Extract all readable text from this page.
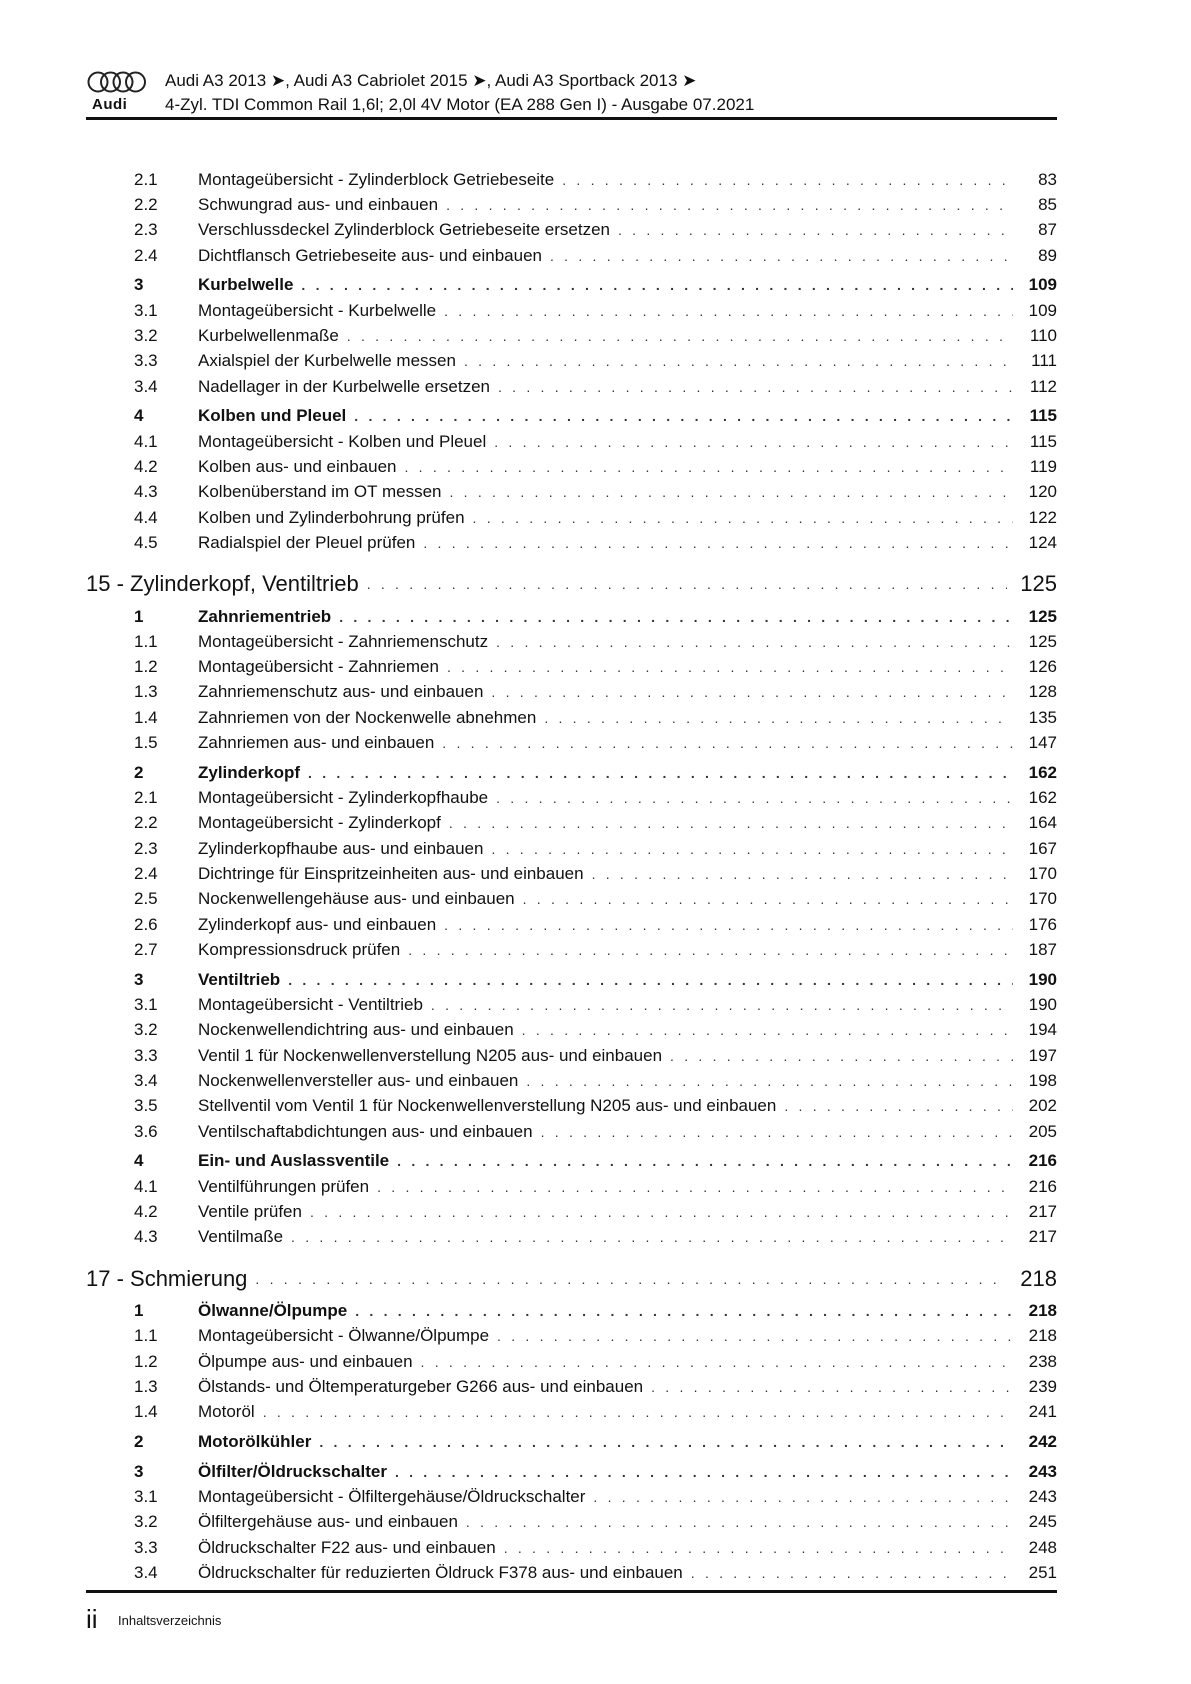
Audi
Audi A3 2013 ➤, Audi A3 Cabriolet 2015 ➤, Audi A3 Sportback 2013 ➤
4-Zyl. TDI Common Rail 1,6l; 2,0l 4V Motor (EA 288 Gen I) - Ausgabe 07.2021
2.1	Montageübersicht - Zylinderblock Getriebeseite . . .	83
2.2	Schwungrad aus- und einbauen . . .	85
2.3	Verschlussdeckel Zylinderblock Getriebeseite ersetzen . . .	87
2.4	Dichtflansch Getriebeseite aus- und einbauen . . .	89
3	Kurbelwelle . . .	109
3.1	Montageübersicht - Kurbelwelle . . .	109
3.2	Kurbelwellenmaße . . .	110
3.3	Axialspiel der Kurbelwelle messen . . .	111
3.4	Nadellager in der Kurbelwelle ersetzen . . .	112
4	Kolben und Pleuel . . .	115
4.1	Montageübersicht - Kolben und Pleuel . . .	115
4.2	Kolben aus- und einbauen . . .	119
4.3	Kolbenüberstand im OT messen . . .	120
4.4	Kolben und Zylinderbohrung prüfen . . .	122
4.5	Radialspiel der Pleuel prüfen . . .	124
15 - Zylinderkopf, Ventiltrieb . . .	125
1	Zahnriementrieb . . .	125
1.1	Montageübersicht - Zahnriemenschutz . . .	125
1.2	Montageübersicht - Zahnriemen . . .	126
1.3	Zahnriemenschutz aus- und einbauen . . .	128
1.4	Zahnriemen von der Nockenwelle abnehmen . . .	135
1.5	Zahnriemen aus- und einbauen . . .	147
2	Zylinderkopf . . .	162
2.1	Montageübersicht - Zylinderkopfhaube . . .	162
2.2	Montageübersicht - Zylinderkopf . . .	164
2.3	Zylinderkopfhaube aus- und einbauen . . .	167
2.4	Dichtringe für Einspritzeinheiten aus- und einbauen . . .	170
2.5	Nockenwellengehäuse aus- und einbauen . . .	170
2.6	Zylinderkopf aus- und einbauen . . .	176
2.7	Kompressionsdruck prüfen . . .	187
3	Ventiltrieb . . .	190
3.1	Montageübersicht - Ventiltrieb . . .	190
3.2	Nockenwellendichtring aus- und einbauen . . .	194
3.3	Ventil 1 für Nockenwellenverstellung N205 aus- und einbauen . . .	197
3.4	Nockenwellenversteller aus- und einbauen . . .	198
3.5	Stellventil vom Ventil 1 für Nockenwellenverstellung N205 aus- und einbauen . . .	202
3.6	Ventilschaftabdichtungen aus- und einbauen . . .	205
4	Ein- und Auslassventile . . .	216
4.1	Ventilführungen prüfen . . .	216
4.2	Ventile prüfen . . .	217
4.3	Ventilmaße . . .	217
17 - Schmierung . . .	218
1	Ölwanne/Ölpumpe . . .	218
1.1	Montageübersicht - Ölwanne/Ölpumpe . . .	218
1.2	Ölpumpe aus- und einbauen . . .	238
1.3	Ölstands- und Öltemperaturgeber G266 aus- und einbauen . . .	239
1.4	Motoröl . . .	241
2	Motorölkühler . . .	242
3	Ölfilter/Öldruckschalter . . .	243
3.1	Montageübersicht - Ölfiltergehäuse/Öldruckschalter . . .	243
3.2	Ölfiltergehäuse aus- und einbauen . . .	245
3.3	Öldruckschalter F22 aus- und einbauen . . .	248
3.4	Öldruckschalter für reduzierten Öldruck F378 aus- und einbauen . . .	251
ii Inhaltsverzeichnis
